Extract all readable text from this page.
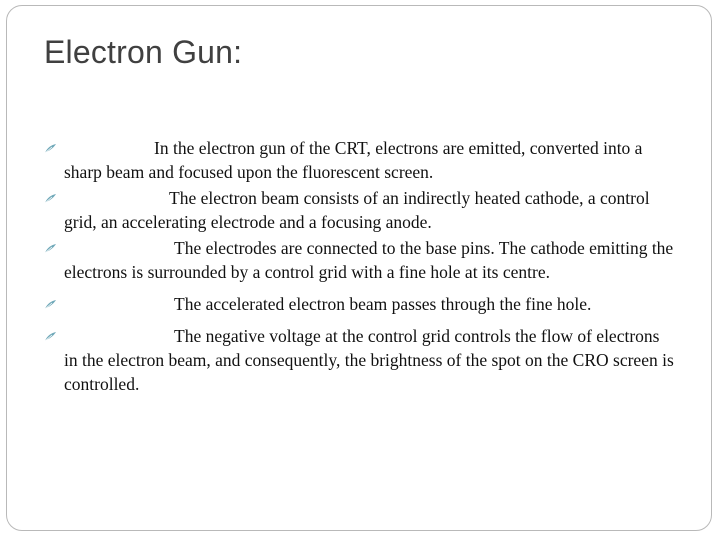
Electron Gun:
In the electron gun of the CRT, electrons are emitted, converted into a sharp beam and focused upon the fluorescent screen.
The electron beam consists of an indirectly heated cathode, a control grid, an accelerating electrode and a focusing anode.
The electrodes are connected to the base pins. The cathode emitting the electrons is surrounded by a control grid with a fine hole at its centre.
The accelerated electron beam passes through the fine hole.
The negative voltage at the control grid controls the flow of electrons in the electron beam, and consequently, the brightness of the spot on the CRO screen is controlled.
